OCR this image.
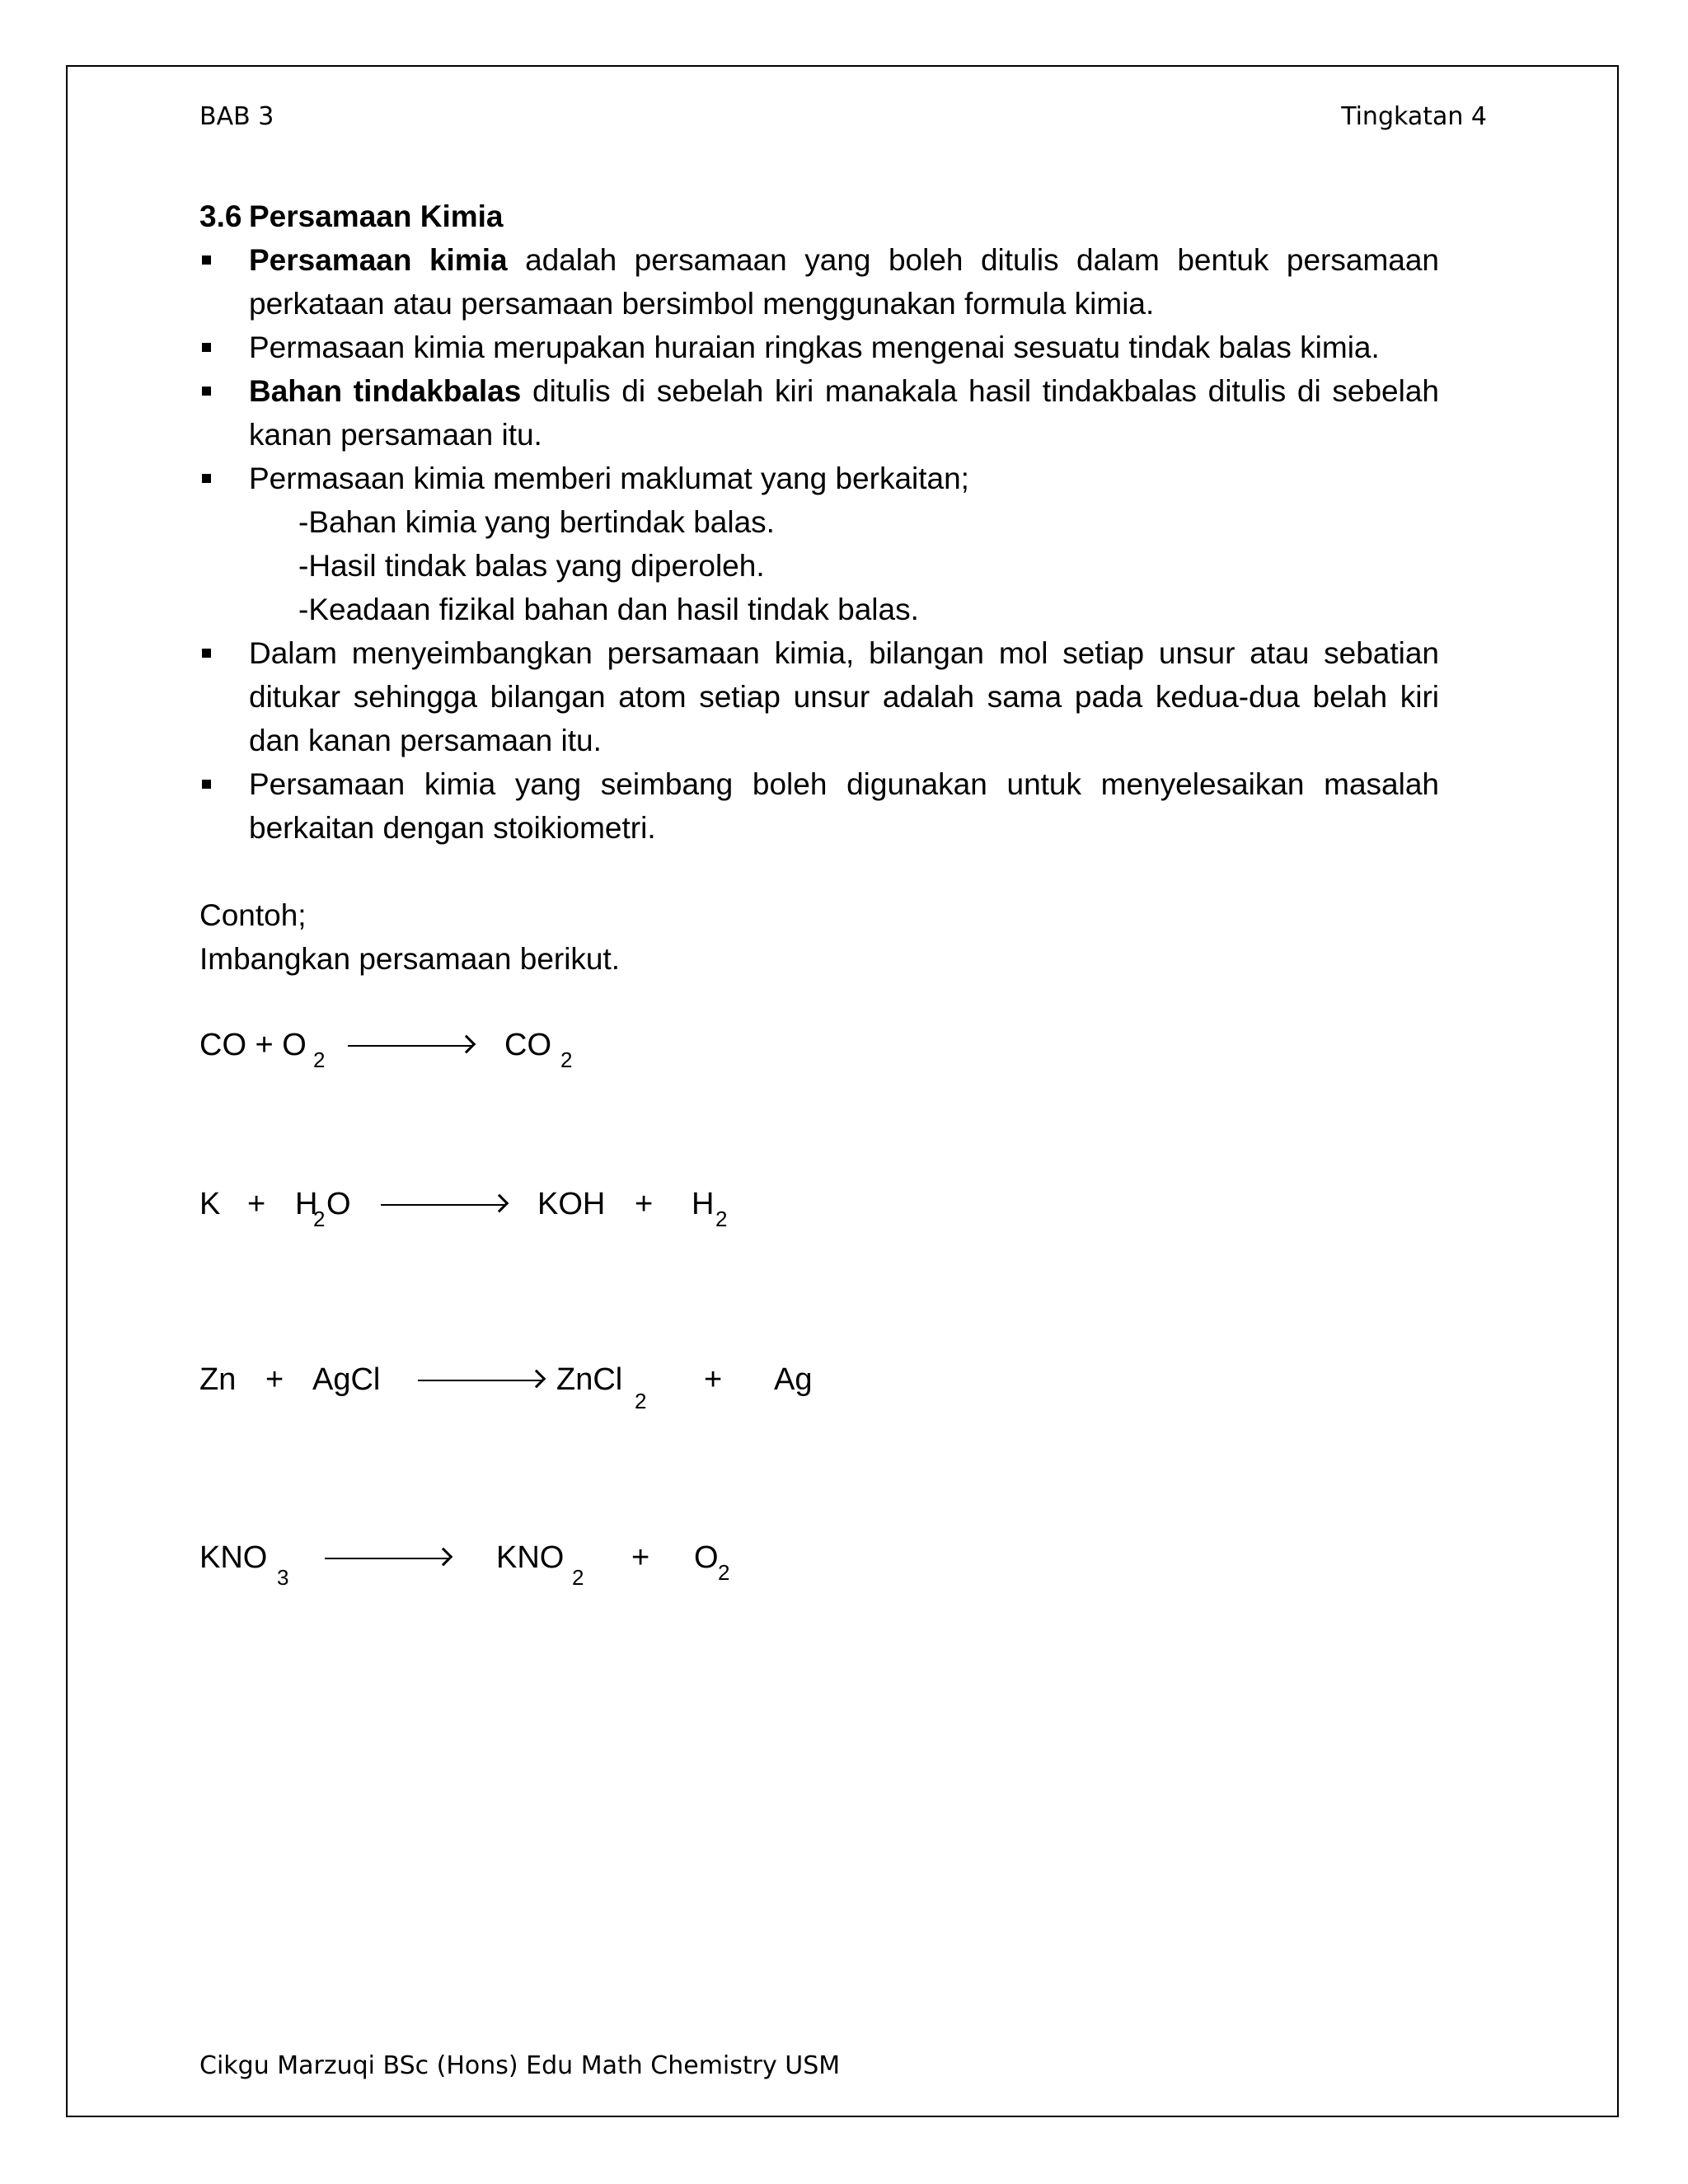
BAB 3	Tingkatan 4

3.6 Persamaan Kimia

Persamaan kimia adalah persamaan yang boleh ditulis dalam bentuk persamaan perkataan atau persamaan bersimbol menggunakan formula kimia.
Permasaan kimia merupakan huraian ringkas mengenai sesuatu tindak balas kimia.
Bahan tindakbalas ditulis di sebelah kiri manakala hasil tindakbalas ditulis di sebelah kanan persamaan itu.
Permasaan kimia memberi maklumat yang berkaitan;
-Bahan kimia yang bertindak balas.
-Hasil tindak balas yang diperoleh.
-Keadaan fizikal bahan dan hasil tindak balas.
Dalam menyeimbangkan persamaan kimia, bilangan mol setiap unsur atau sebatian ditukar sehingga bilangan atom setiap unsur adalah sama pada kedua-dua belah kiri dan kanan persamaan itu.
Persamaan kimia yang seimbang boleh digunakan untuk menyelesaikan masalah berkaitan dengan stoikiometri.
Contoh;
Imbangkan persamaan berikut.
CO + O 2	CO 2
K + H
2 O	KOH + H 2
Zn + AgCl	ZnCl
2
+ Ag
KNO
3
KNO
2
+ O 2
Cikgu Marzuqi BSc (Hons) Edu Math Chemistry USM
